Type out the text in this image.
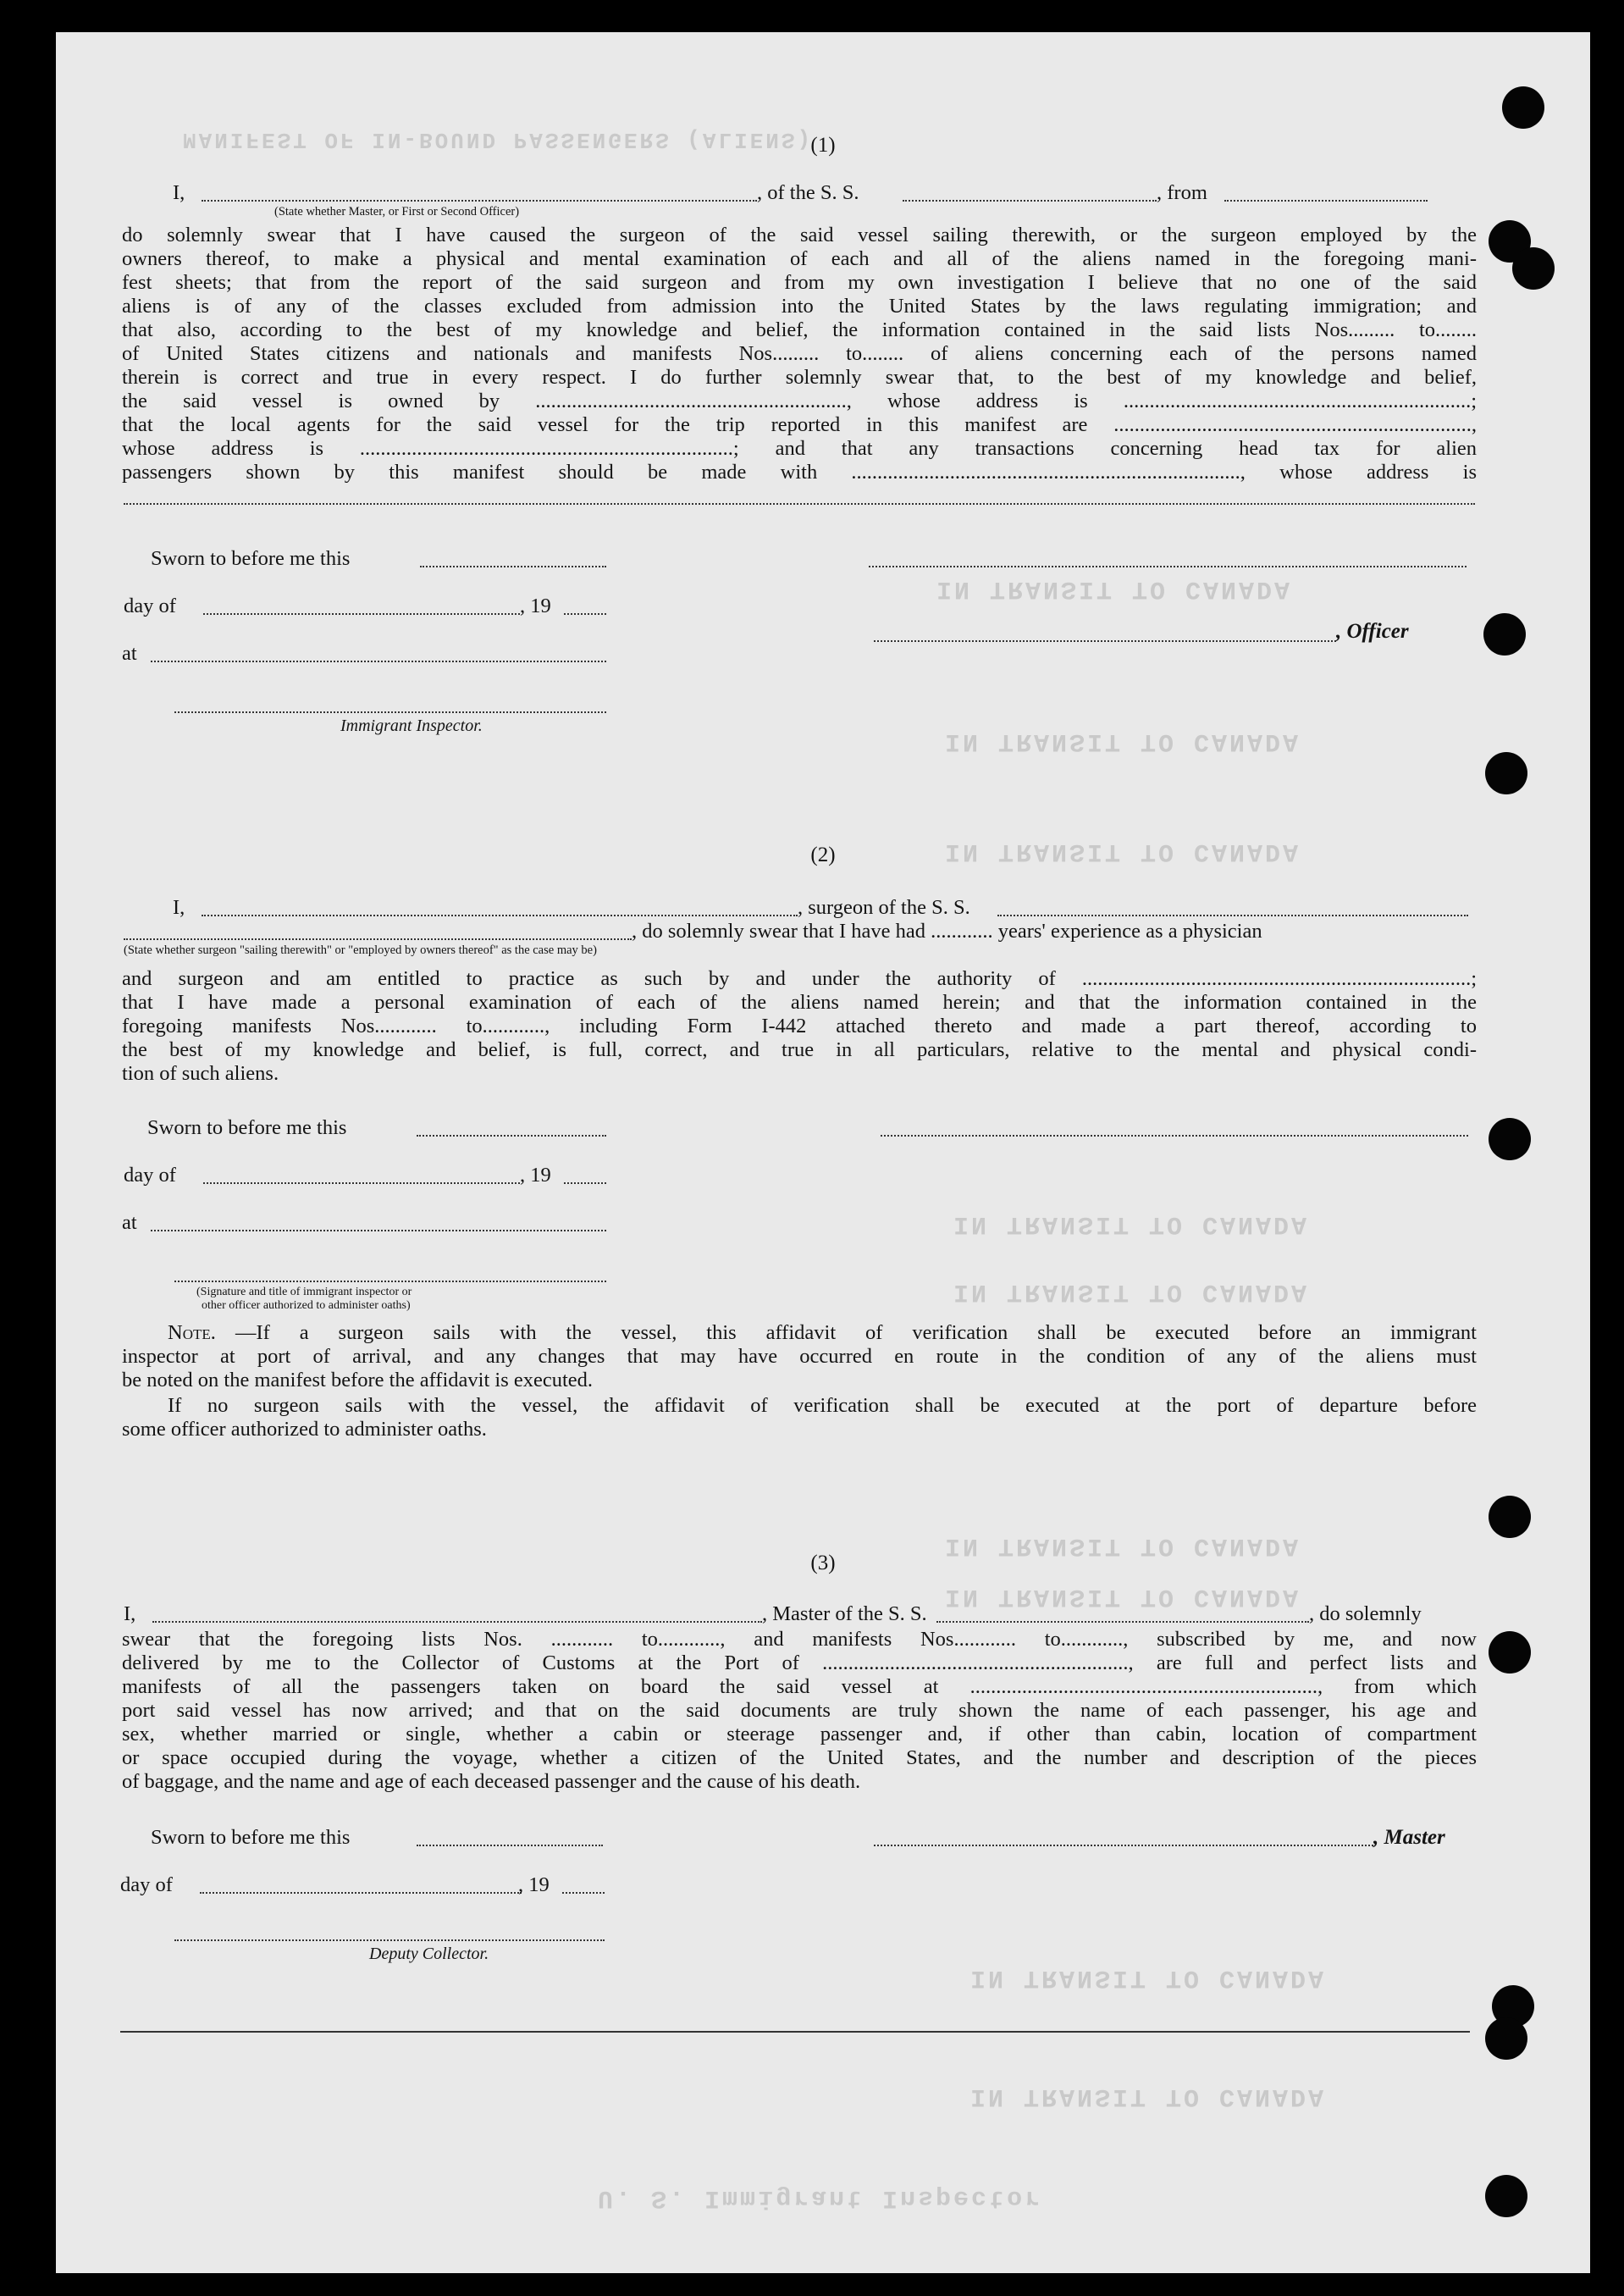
MANIFEST OF IN-BOUND PASSENGERS (ALIENS)
IN TRANSIT TO CANADA
IN TRANSIT TO CANADA
IN TRANSIT TO CANADA
IN TRANSIT TO CANADA
IN TRANSIT TO CANADA
IN TRANSIT TO CANADA
IN TRANSIT TO CANADA
IN TRANSIT TO CANADA
IN TRANSIT TO CANADA
U. S. Immigrant Inspector
(1)
I,	, of the S. S.	, from
(State whether Master, or First or Second Officer)
do solemnly swear that I have caused the surgeon of the said vessel sailing therewith, or the surgeon employed by the
owners thereof, to make a physical and mental examination of each and all of the aliens named in the foregoing mani-
fest sheets; that from the report of the said surgeon and from my own investigation I believe that no one of the said
aliens is of any of the classes excluded from admission into the United States by the laws regulating immigration; and
that also, according to the best of my knowledge and belief, the information contained in the said lists Nos......... to........
of United States citizens and nationals and manifests Nos......... to........ of aliens concerning each of the persons named
therein is correct and true in every respect. I do further solemnly swear that, to the best of my knowledge and belief,
the said vessel is owned by ............................................................, whose address is ...................................................................;
that the local agents for the said vessel for the trip reported in this manifest are .....................................................................,
whose address is ........................................................................; and that any transactions concerning head tax for alien
passengers shown by this manifest should be made with ..........................................................................., whose address is
Sworn to before me this
day of	, 19
at
Immigrant Inspector.
, Officer
(2)
I,	, surgeon of the S. S.
, do solemnly swear that I have had ............ years' experience as a physician
(State whether surgeon "sailing therewith" or "employed by owners thereof" as the case may be)
and surgeon and am entitled to practice as such by and under the authority of ...........................................................................;
that I have made a personal examination of each of the aliens named herein; and that the information contained in the
foregoing manifests Nos............ to............, including Form I-442 attached thereto and made a part thereof, according to
the best of my knowledge and belief, is full, correct, and true in all particulars, relative to the mental and physical condi-
tion of such aliens.
Sworn to before me this
day of	, 19
at
(Signature and title of immigrant inspector or
other officer authorized to administer oaths)
Note. —If a surgeon sails with the vessel, this affidavit of verification shall be executed before an immigrant
inspector at port of arrival, and any changes that may have occurred en route in the condition of any of the aliens must
be noted on the manifest before the affidavit is executed.
If no surgeon sails with the vessel, the affidavit of verification shall be executed at the port of departure before
some officer authorized to administer oaths.
(3)
I,	, Master of the S. S.	, do solemnly
swear that the foregoing lists Nos. ............ to............, and manifests Nos............ to............, subscribed by me, and now
delivered by me to the Collector of Customs at the Port of ..........................................................., are full and perfect lists and
manifests of all the passengers taken on board the said vessel at ..................................................................., from which
port said vessel has now arrived; and that on the said documents are truly shown the name of each passenger, his age and
sex, whether married or single, whether a cabin or steerage passenger and, if other than cabin, location of compartment
or space occupied during the voyage, whether a citizen of the United States, and the number and description of the pieces
of baggage, and the name and age of each deceased passenger and the cause of his death.
Sworn to before me this
day of	, 19
Deputy Collector.
, Master
